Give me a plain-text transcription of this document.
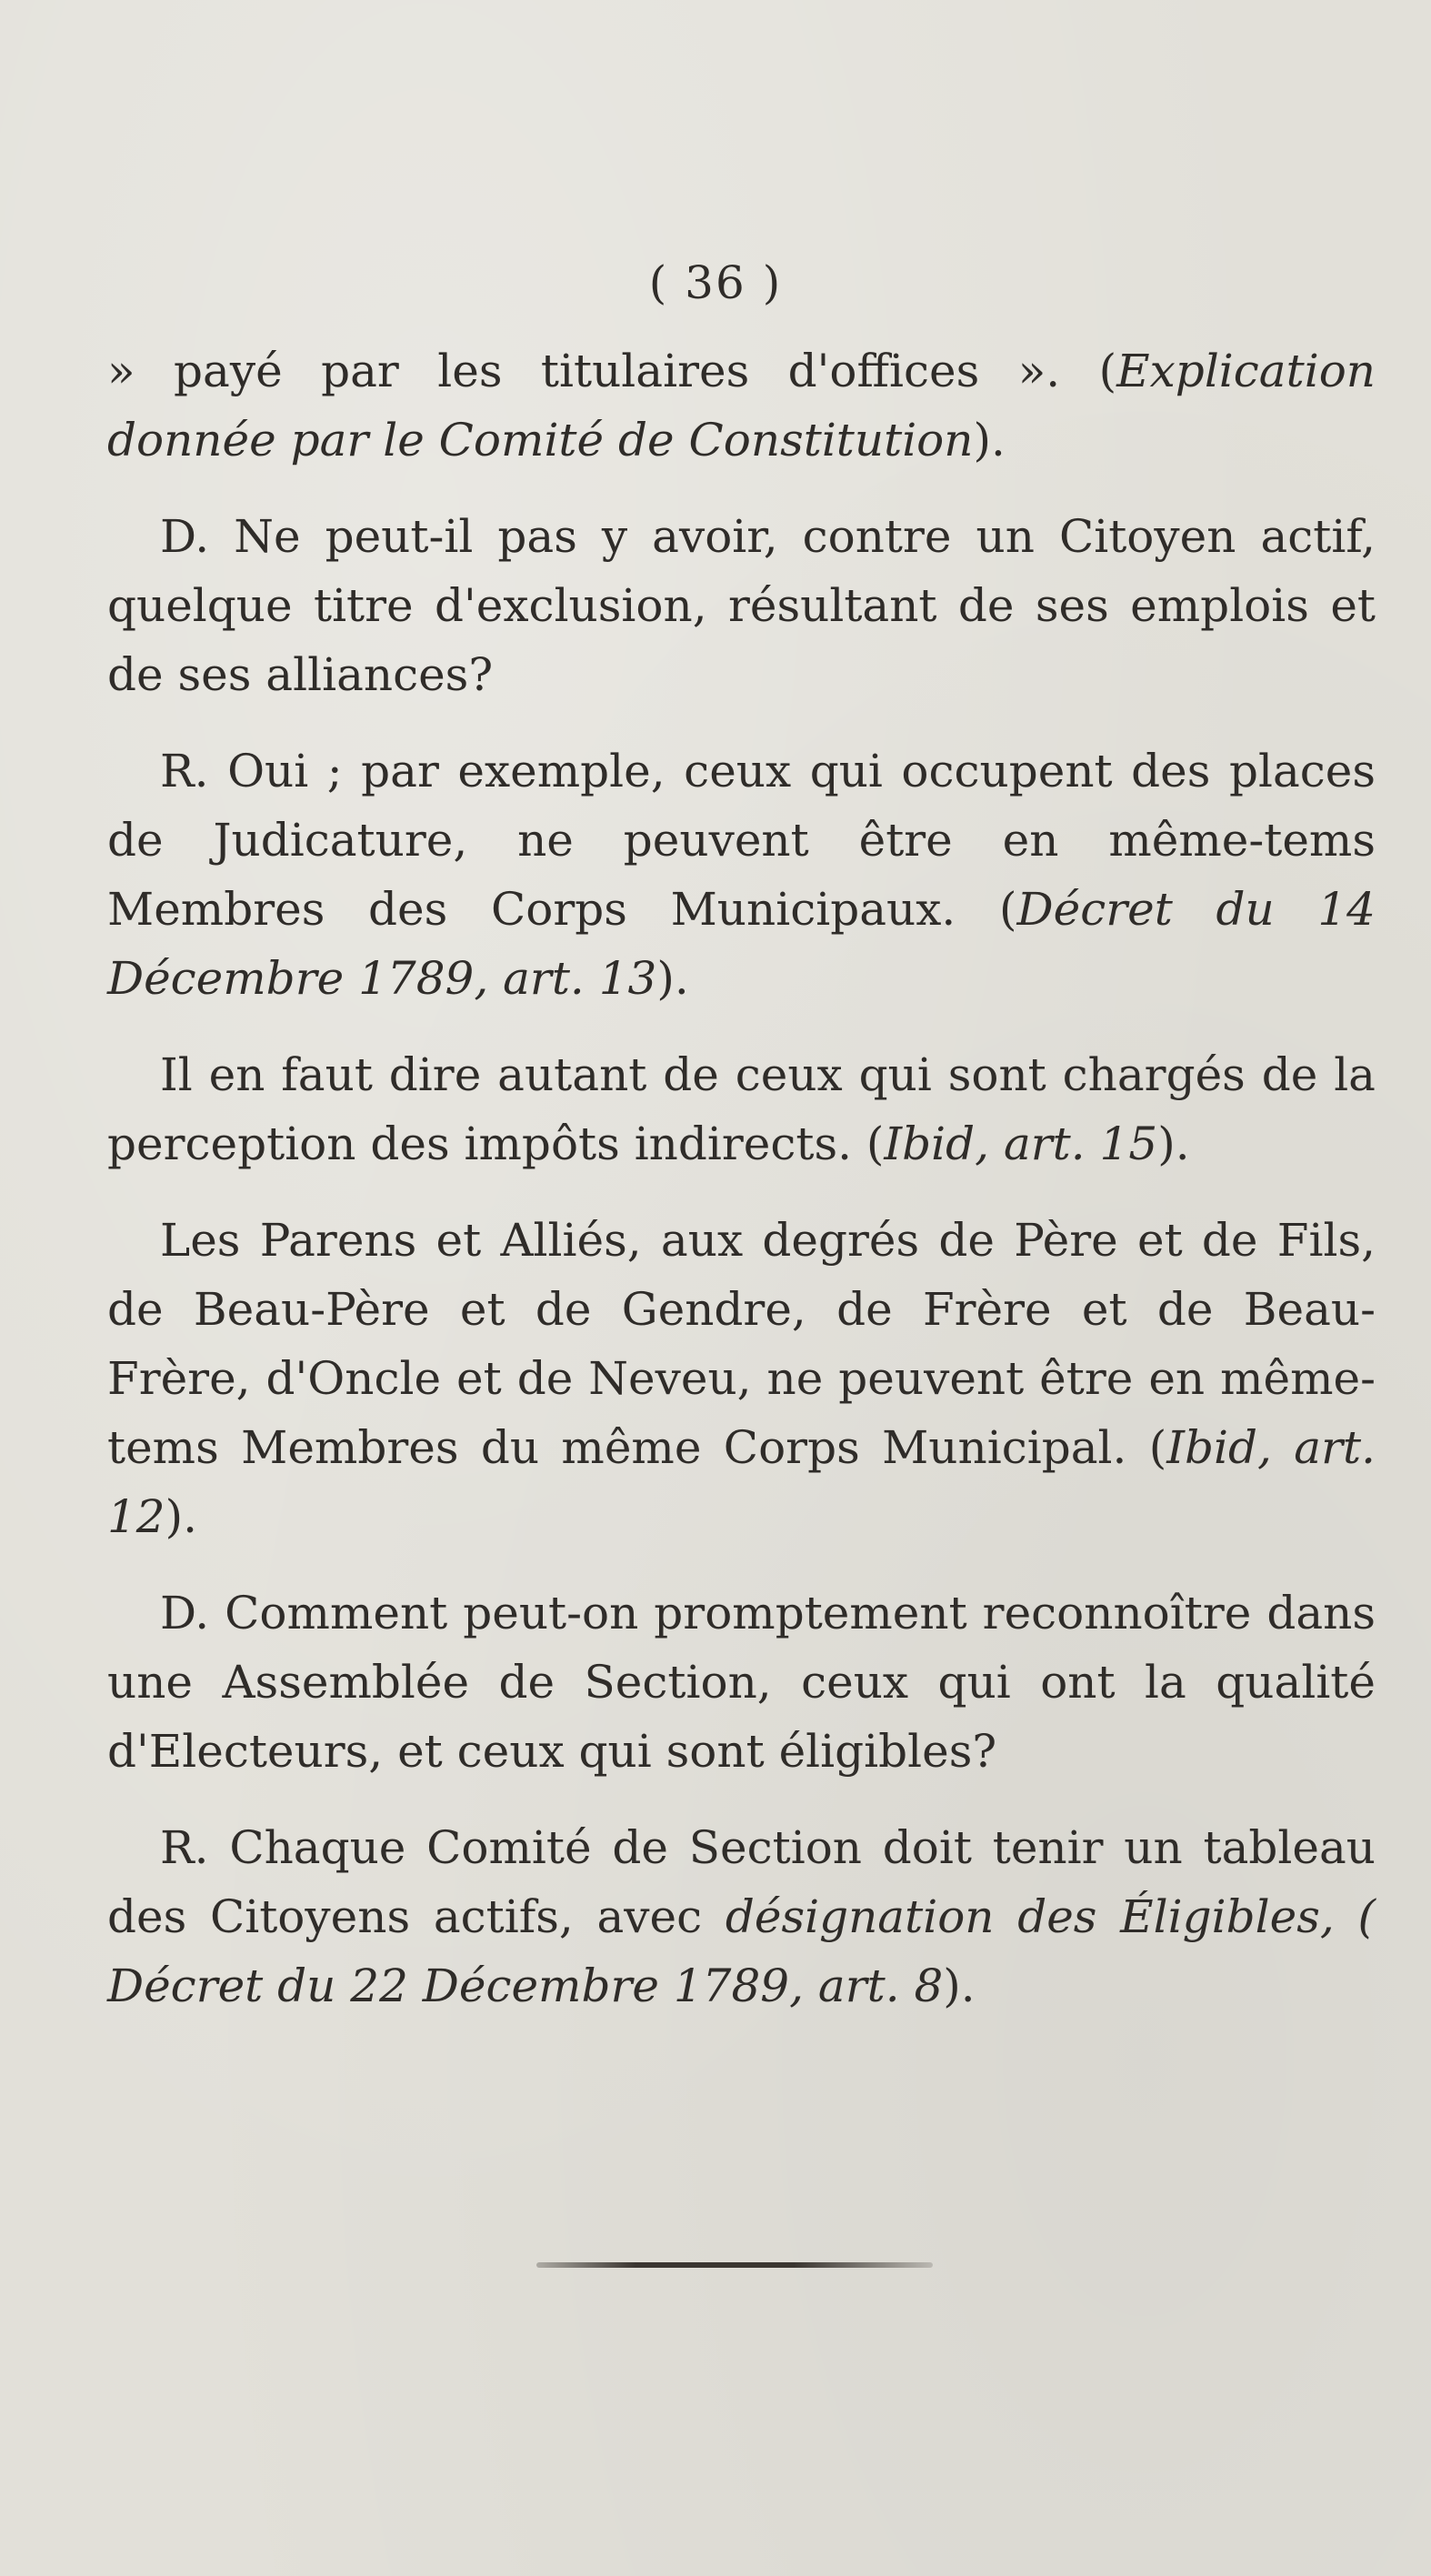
( 36 )

» payé par les titulaires d'offices ». (Explication donnée par le Comité de Constitution).

D. Ne peut-il pas y avoir, contre un Citoyen actif, quelque titre d'exclusion, résultant de ses emplois et de ses alliances?

R. Oui ; par exemple, ceux qui occupent des places de Judicature, ne peuvent être en même-tems Membres des Corps Municipaux. (Décret du 14 Décembre 1789, art. 13).

Il en faut dire autant de ceux qui sont chargés de la perception des impôts indirects. (Ibid, art. 15).

Les Parens et Alliés, aux degrés de Père et de Fils, de Beau-Père et de Gendre, de Frère et de Beau-Frère, d'Oncle et de Neveu, ne peuvent être en même-tems Membres du même Corps Municipal. (Ibid, art. 12).

D. Comment peut-on promptement reconnoître dans une Assemblée de Section, ceux qui ont la qualité d'Electeurs, et ceux qui sont éligibles?

R. Chaque Comité de Section doit tenir un tableau des Citoyens actifs, avec désignation des Éligibles, ( Décret du 22 Décembre 1789, art. 8).
